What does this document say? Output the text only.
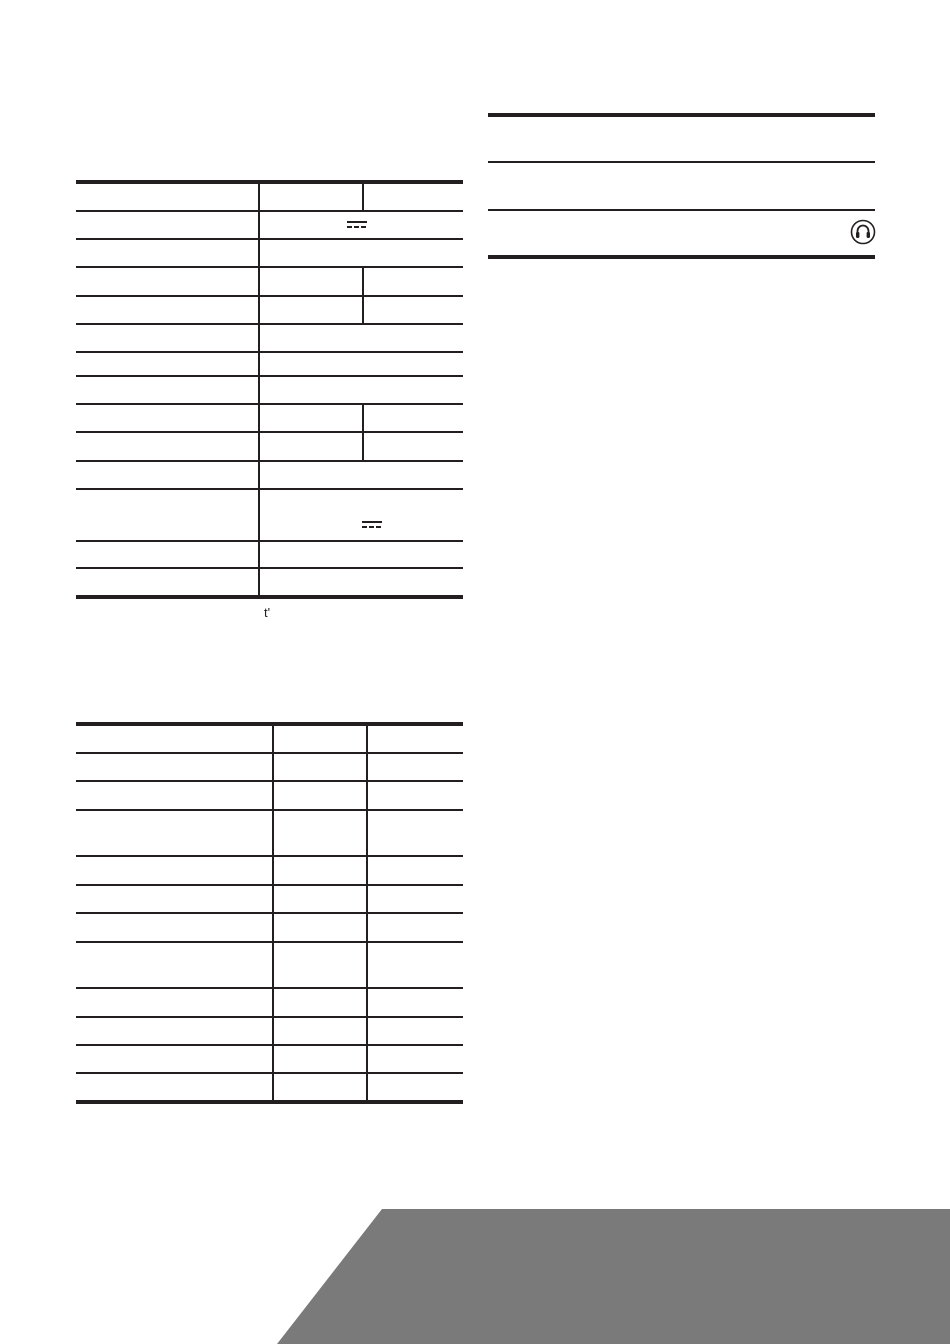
t'
